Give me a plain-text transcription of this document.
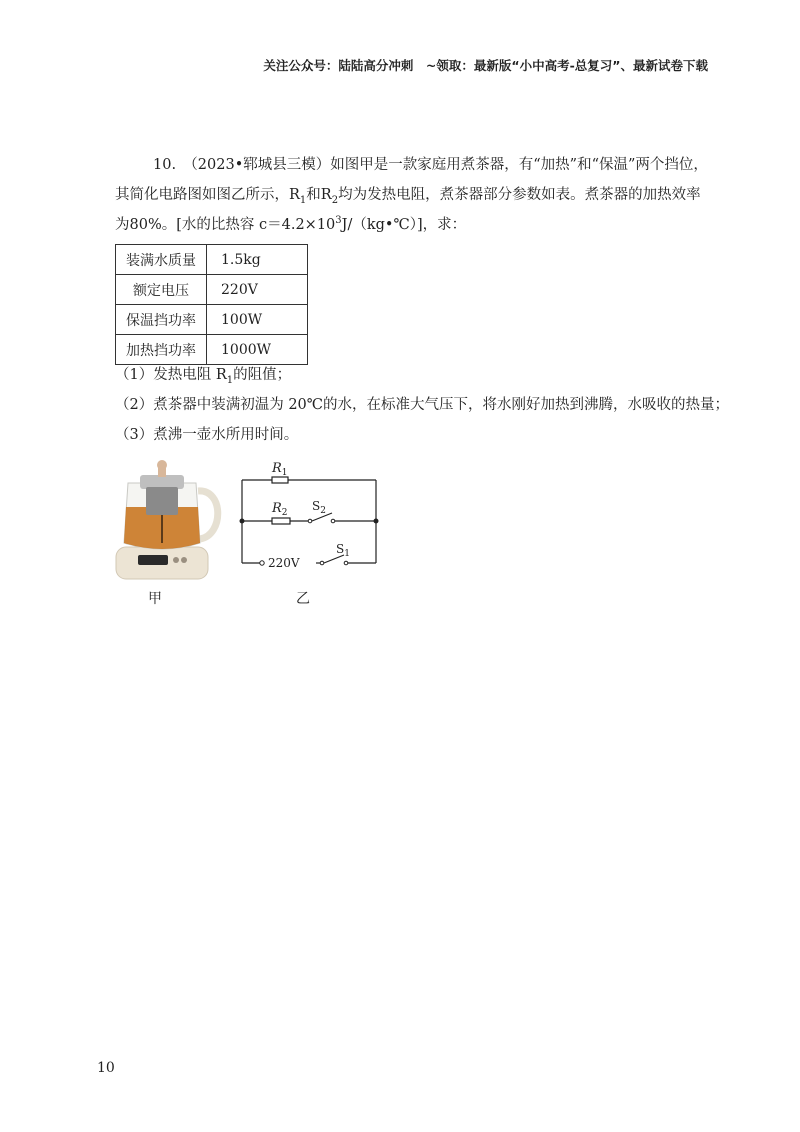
关注公众号：陆陆高分冲刺　~领取：最新版“小中高考-总复习”、最新试卷下载
10.　（2023•郓城县三模）如图甲是一款家庭用煮茶器，有“加热”和“保温”两个挡位，
其简化电路图如图乙所示，$R_1$和$R_2$均为发热电阻，煮茶器部分参数如表。煮茶器的加热效率
为80%。[水的比热容 $c=4.2\times 10^3J/(kg•℃)$]，求：
装满水质量	1.5kg
额定电压	220V
保温挡功率	100W
加热挡功率	1000W
（1）发热电阻 $R_1$的阻值；
（2）煮茶器中装满初温为 20℃的水，在标准大气压下，将水刚好加热到沸腾，水吸收的热量；
（3）煮沸一壶水所用时间。
$R_1$
$R_2$ $S_2$
$S_1$
220V
甲	乙
10
